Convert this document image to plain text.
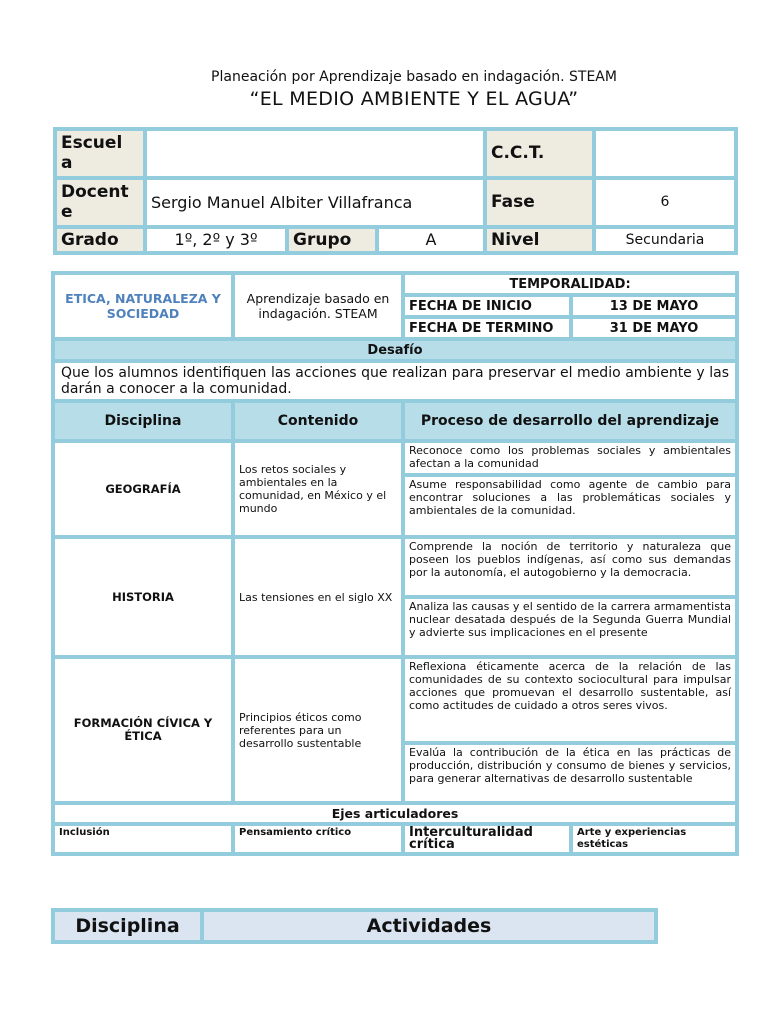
Planeación por Aprendizaje basado en indagación. STEAM
“EL MEDIO AMBIENTE Y EL AGUA”
Escuel a				C.C.T.	
Docent e	Sergio Manuel Albiter Villafranca			Fase	6
Grado	1º, 2º y 3º	Grupo	A	Nivel	Secundaria
ETICA, NATURALEZA Y SOCIEDAD	Aprendizaje basado en indagación. STEAM	TEMPORALIDAD:	
		FECHA DE INICIO	13 DE MAYO
		FECHA DE TERMINO	31 DE MAYO
Desafío			
Que los alumnos identifiquen las acciones que realizan para preservar el medio ambiente y las darán a conocer a la comunidad.			
Disciplina	Contenido	Proceso de desarrollo del aprendizaje	
GEOGRAFÍA	Los retos sociales y ambientales en la comunidad, en México y el mundo	Reconoce como los problemas sociales y ambientales afectan a la comunidad	
		Asume responsabilidad como agente de cambio para encontrar soluciones a las problemáticas sociales y ambientales de la comunidad.	
HISTORIA	Las tensiones en el siglo XX	Comprende la noción de territorio y naturaleza que poseen los pueblos indígenas, así como sus demandas por la autonomía, el autogobierno y la democracia.	
		Analiza las causas y el sentido de la carrera armamentista nuclear desatada después de la Segunda Guerra Mundial y advierte sus implicaciones en el presente	
FORMACIÓN CÍVICA Y ÉTICA	Principios éticos como referentes para un desarrollo sustentable	Reflexiona éticamente acerca de la relación de las comunidades de su contexto sociocultural para impulsar acciones que promuevan el desarrollo sustentable, así como actitudes de cuidado a otros seres vivos.	
		Evalúa la contribución de la ética en las prácticas de producción, distribución y consumo de bienes y servicios, para generar alternativas de desarrollo sustentable	
Ejes articuladores			
Inclusión	Pensamiento crítico	Interculturalidad crítica	Arte y experiencias estéticas
Disciplina	Actividades
